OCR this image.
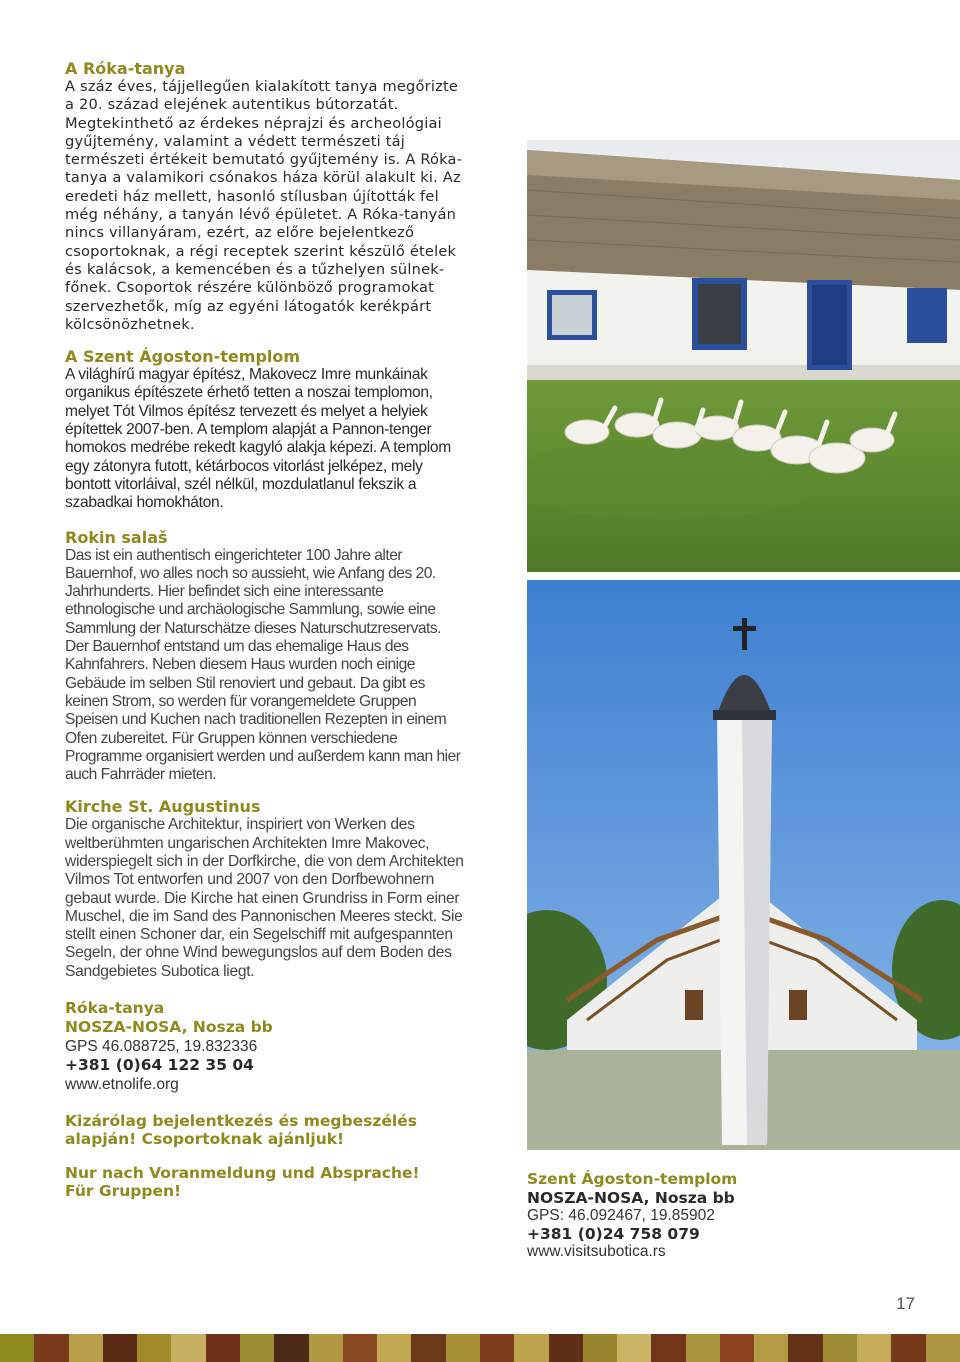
A Róka-tanya

A száz éves, tájjellegűen kialakított tanya megőrizte a 20. század elejének autentikus bútorzatát. Megtekinthető az érdekes néprajzi és archeológiai gyűjtemény, valamint a védett természeti táj természeti értékeit bemutató gyűjtemény is. A Róka-tanya a valamikori csónakos háza körül alakult ki. Az eredeti ház mellett, hasonló stílusban újították fel még néhány, a tanyán lévő épületet. A Róka-tanyán nincs villanyáram, ezért, az előre bejelentkező csoportoknak, a régi receptek szerint készülő ételek és kalácsok, a kemencében és a tűzhelyen sülnek-főnek. Csoportok részére különböző programokat szervezhetők, míg az egyéni látogatók kerékpárt kölcsönözhetnek.

A Szent Ágoston-templom

A világhírű magyar építész, Makovecz Imre munkáinak organikus építészete érhető tetten a noszai templomon, melyet Tót Vilmos építész tervezett és melyet a helyiek építettek 2007-ben. A templom alapját a Pannon-tenger homokos medrébe rekedt kagyló alakja képezi. A templom egy zátonyra futott, kétárbocos vitorlást jelképez, mely bontott vitorláival, szél nélkül, mozdulatlanul fekszik a szabadkai homokháton.

Rokin salaš

Das ist ein authentisch eingerichteter 100 Jahre alter Bauernhof, wo alles noch so aussieht, wie Anfang des 20. Jahrhunderts. Hier befindet sich eine interessante ethnologische und archäologische Sammlung, sowie eine Sammlung der Naturschätze dieses Naturschutzreservats. Der Bauernhof entstand um das ehemalige Haus des Kahnfahrers. Neben diesem Haus wurden noch einige Gebäude im selben Stil renoviert und gebaut. Da gibt es keinen Strom, so werden für vorangemeldete Gruppen Speisen und Kuchen nach traditionellen Rezepten in einem Ofen zubereitet. Für Gruppen können verschiedene Programme organisiert werden und außerdem kann man hier auch Fahrräder mieten.

Kirche St. Augustinus

Die organische Architektur, inspiriert von Werken des weltberühmten ungarischen Architekten Imre Makovec, widerspiegelt sich in der Dorfkirche, die von dem Architekten Vilmos Tot entworfen und 2007 von den Dorfbewohnern gebaut wurde. Die Kirche hat einen Grundriss in Form einer Muschel, die im Sand des Pannonischen Meeres steckt. Sie stellt einen Schoner dar, ein Segelschiff mit aufgespannten Segeln, der ohne Wind bewegungslos auf dem Boden des Sandgebietes Subotica liegt.

Róka-tanya
NOSZA-NOSA, Nosza bb
GPS 46.088725, 19.832336
+381 (0)64 122 35 04
www.etnolife.org
Kizárólag bejelentkezés és megbeszélés
alapján! Csoportoknak ajánljuk!
Nur nach Voranmeldung und Absprache!
Für Gruppen!
Szent Ágoston-templom
NOSZA-NOSA, Nosza bb
GPS: 46.092467, 19.85902
+381 (0)24 758 079
www.visitsubotica.rs
17
